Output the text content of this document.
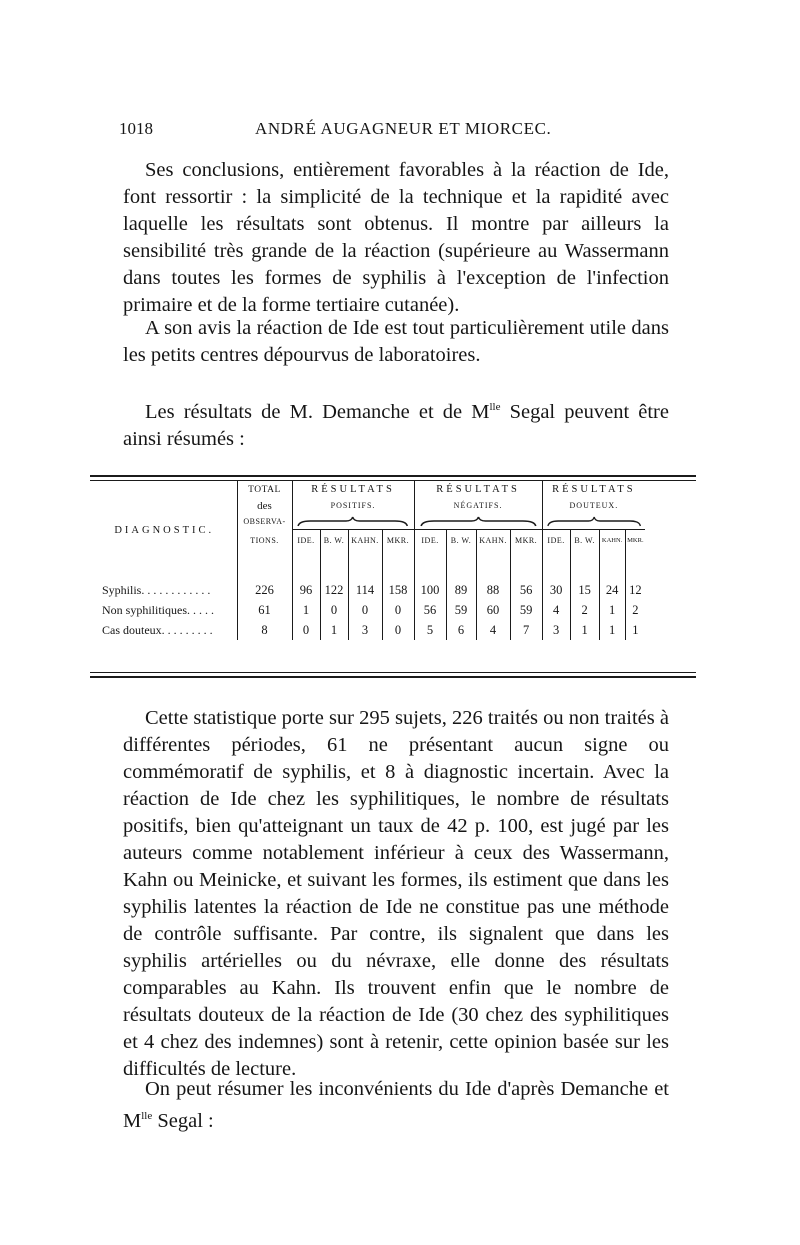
1018	ANDRÉ AUGAGNEUR ET MIORCEC.

Ses conclusions, entièrement favorables à la réaction de Ide, font ressortir : la simplicité de la technique et la rapidité avec laquelle les résultats sont obtenus. Il montre par ailleurs la sensibilité très grande de la réaction (supérieure au Wassermann dans toutes les formes de syphilis à l'exception de l'infection primaire et de la forme tertiaire cutanée).

A son avis la réaction de Ide est tout particulièrement utile dans les petits centres dépourvus de laboratoires.

Les résultats de M. Demanche et de $M^{lle}$ Segal peuvent être ainsi résumés :

DIAGNOSTIC.	TOTAL	RÉSULTATS				RÉSULTATS				RÉSULTATS				
	des	POSITIFS.				NÉGATIFS.				DOUTEUX.				
	OBSERVA-	

	TIONS.	IDE.	B. W.	KAHN.	MKR.	IDE.	B. W.	KAHN.	MKR.	IDE.	B. W.	KAHN.	MKR.	

Syphilis. . . . . . . . . . . .	226	96	122	114	158	100	89	88	56	30	15	24	12	
Non syphilitiques. . . . .	61	1	0	0	0	56	59	60	59	4	2	1	2	
Cas douteux. . . . . . . . .	8	0	1	3	0	5	6	4	7	3	1	1	1	

Cette statistique porte sur 295 sujets, 226 traités ou non traités à différentes périodes, 61 ne présentant aucun signe ou commémoratif de syphilis, et 8 à diagnostic incertain. Avec la réaction de Ide chez les syphilitiques, le nombre de résultats positifs, bien qu'atteignant un taux de 42 p. 100, est jugé par les auteurs comme notablement inférieur à ceux des Wassermann, Kahn ou Meinicke, et suivant les formes, ils estiment que dans les syphilis latentes la réaction de Ide ne constitue pas une méthode de contrôle suffisante. Par contre, ils signalent que dans les syphilis artérielles ou du névraxe, elle donne des résultats comparables au Kahn. Ils trouvent enfin que le nombre de résultats douteux de la réaction de Ide (30 chez des syphilitiques et 4 chez des indemnes) sont à retenir, cette opinion basée sur les difficultés de lecture.

On peut résumer les inconvénients du Ide d'après Demanche et $M^{lle}$ Segal :
